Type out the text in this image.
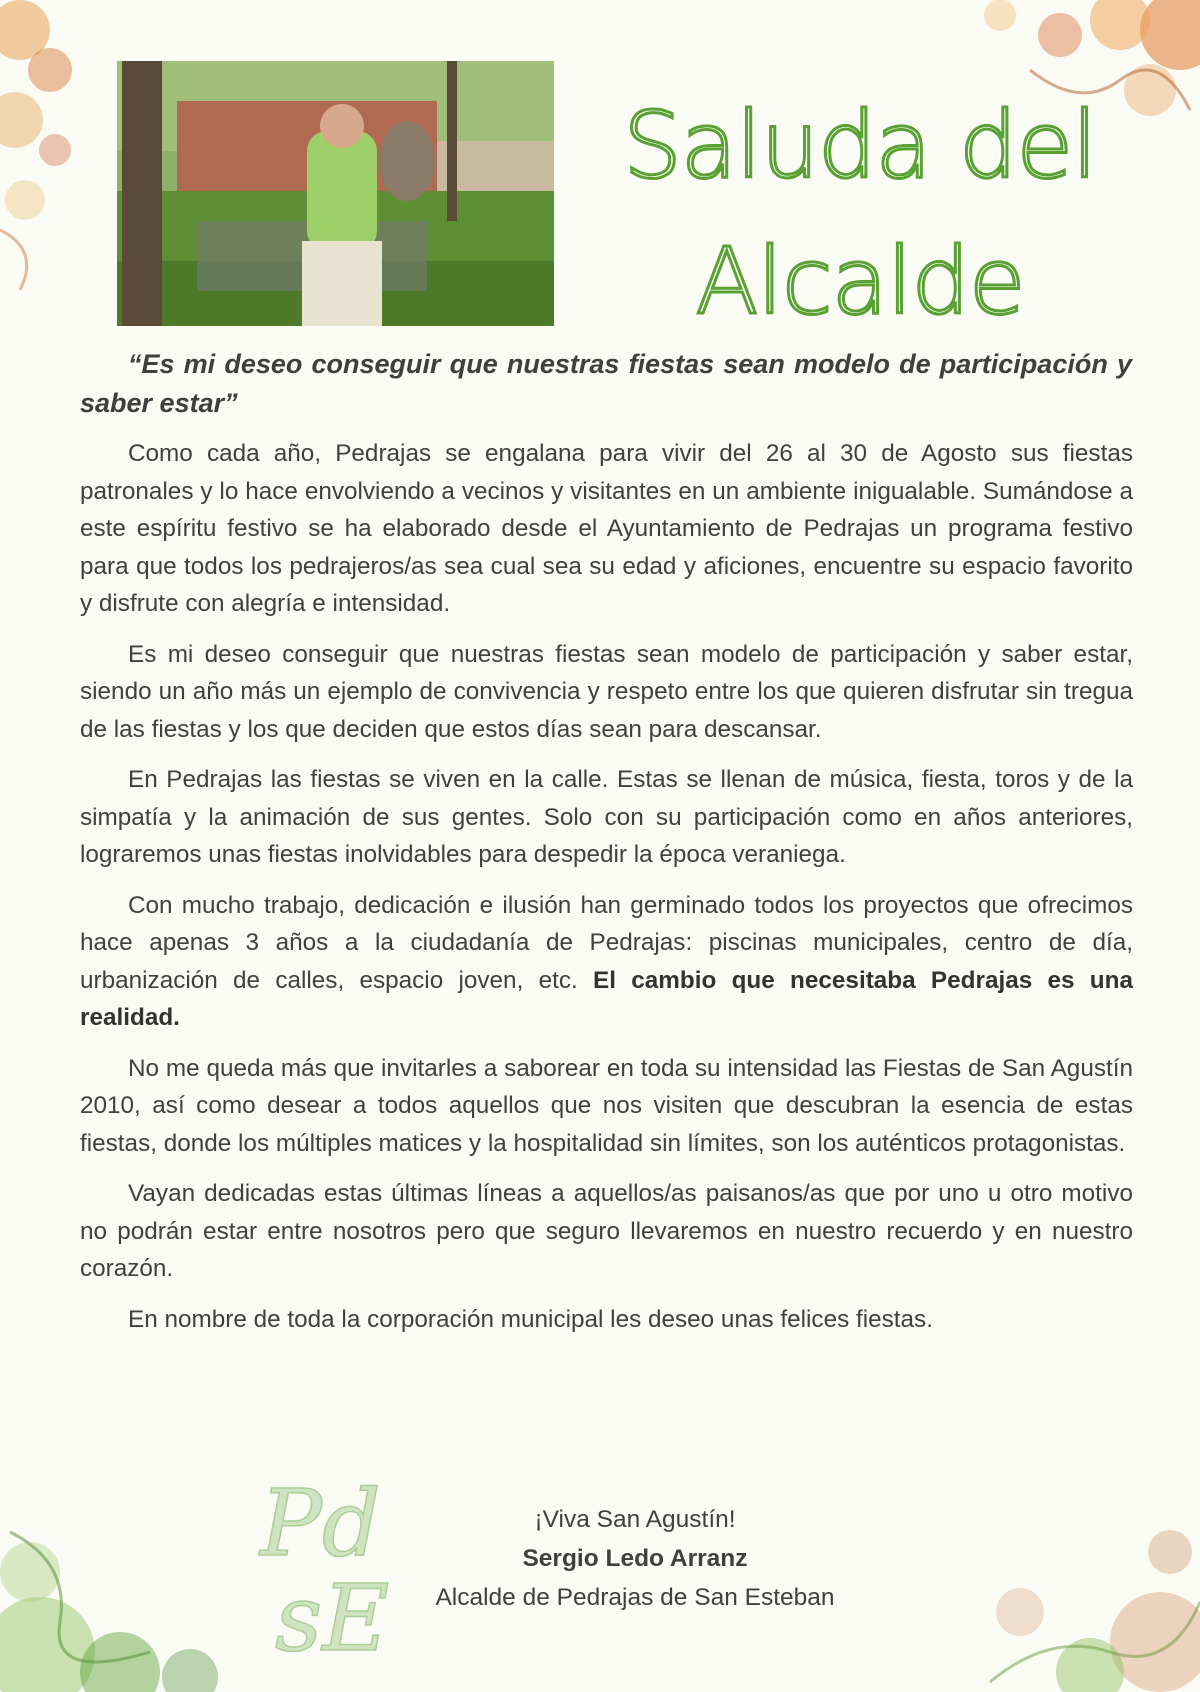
Saluda del
Alcalde
“Es mi deseo conseguir que nuestras fiestas sean modelo de participación y saber estar”

Como cada año, Pedrajas se engalana para vivir del 26 al 30 de Agosto sus fiestas patronales y lo hace envolviendo a vecinos y visitantes en un ambiente inigualable. Sumándose a este espíritu festivo se ha elaborado desde el Ayuntamiento de Pedrajas un programa festivo para que todos los pedrajeros/as sea cual sea su edad y aficiones, encuentre su espacio favorito y disfrute con alegría e intensidad.

Es mi deseo conseguir que nuestras fiestas sean modelo de participación y saber estar, siendo un año más un ejemplo de convivencia y respeto entre los que quieren disfrutar sin tregua de las fiestas y los que deciden que estos días sean para descansar.

En Pedrajas las fiestas se viven en la calle. Estas se llenan de música, fiesta, toros y de la simpatía y la animación de sus gentes. Solo con su participación como en años anteriores, lograremos unas fiestas inolvidables para despedir la época veraniega.

Con mucho trabajo, dedicación e ilusión han germinado todos los proyectos que ofrecimos hace apenas 3 años a la ciudadanía de Pedrajas: piscinas municipales, centro de día, urbanización de calles, espacio joven, etc. El cambio que necesitaba Pedrajas es una realidad.

No me queda más que invitarles a saborear en toda su intensidad las Fiestas de San Agustín 2010, así como desear a todos aquellos que nos visiten que descubran la esencia de estas fiestas, donde los múltiples matices y la hospitalidad sin límites, son los auténticos protagonistas.

Vayan dedicadas estas últimas líneas a aquellos/as paisanos/as que por uno u otro motivo no podrán estar entre nosotros pero que seguro llevaremos en nuestro recuerdo y en nuestro corazón.

En nombre de toda la corporación municipal les deseo unas felices fiestas.

Pd
sE
¡Viva San Agustín!
Sergio Ledo Arranz
Alcalde de Pedrajas de San Esteban
